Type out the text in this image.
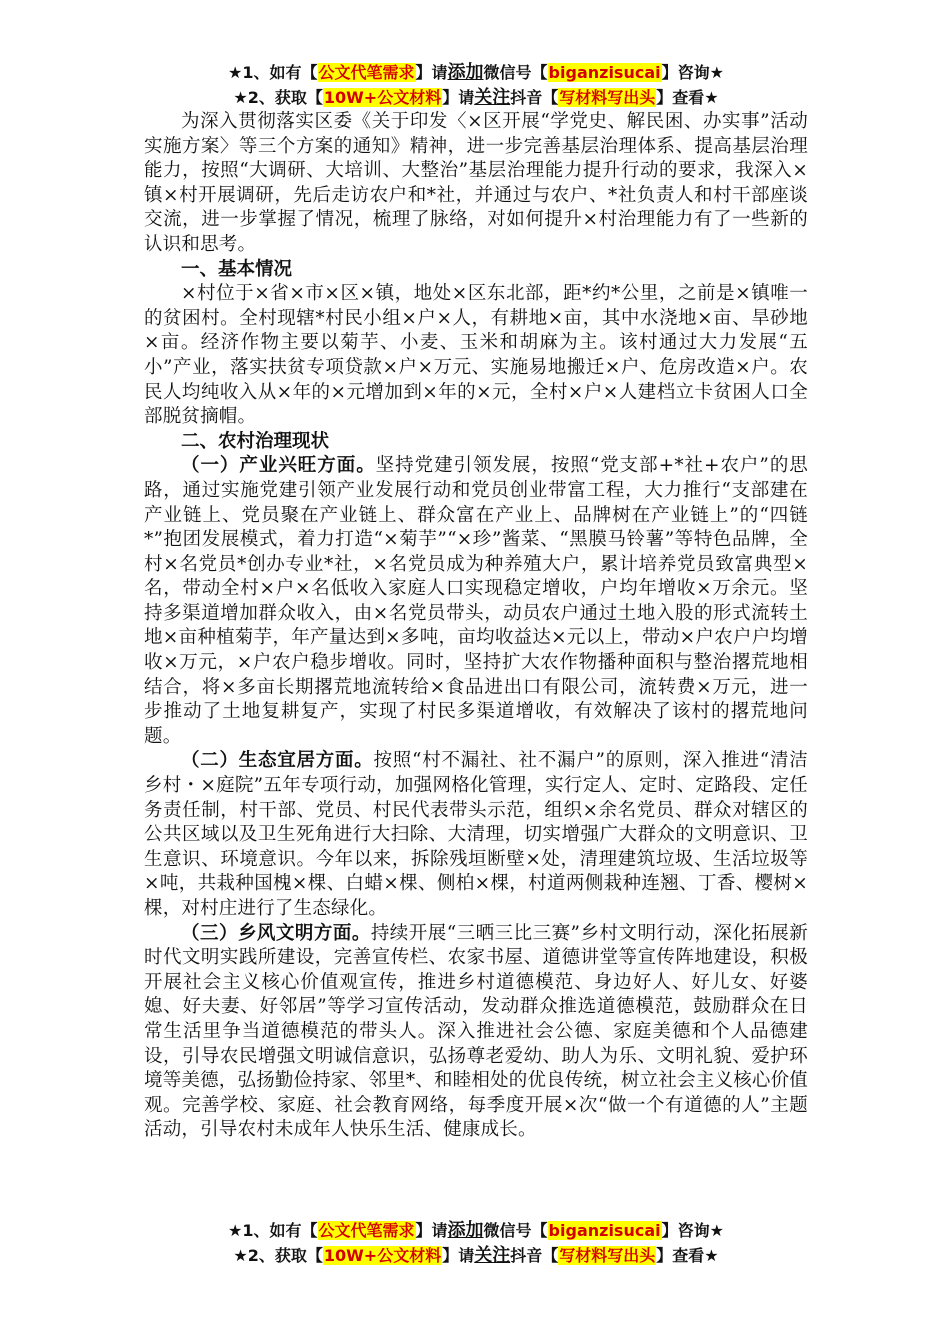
★1、如有【公文代笔需求】请添加微信号【biganzisucai】咨询★
★2、获取【10W+公文材料】请关注抖音【写材料写出头】查看★

为深入贯彻落实区委《关于印发〈×区开展“学党史、解民困、办实事”活动实施方案〉等三个方案的通知》精神，进一步完善基层治理体系、提高基层治理能力，按照“大调研、大培训、大整治”基层治理能力提升行动的要求，我深入×镇×村开展调研，先后走访农户和*社，并通过与农户、*社负责人和村干部座谈交流，进一步掌握了情况，梳理了脉络，对如何提升×村治理能力有了一些新的认识和思考。

一、基本情况

×村位于×省×市×区×镇，地处×区东北部，距*约*公里，之前是×镇唯一的贫困村。全村现辖*村民小组×户×人，有耕地×亩，其中水浇地×亩、旱砂地×亩。经济作物主要以菊芋、小麦、玉米和胡麻为主。该村通过大力发展“五小”产业，落实扶贫专项贷款×户×万元、实施易地搬迁×户、危房改造×户。农民人均纯收入从×年的×元增加到×年的×元，全村×户×人建档立卡贫困人口全部脱贫摘帽。

二、农村治理现状

（一）产业兴旺方面。坚持党建引领发展，按照“党支部+*社+农户”的思路，通过实施党建引领产业发展行动和党员创业带富工程，大力推行“支部建在产业链上、党员聚在产业链上、群众富在产业上、品牌树在产业链上”的“四链*”抱团发展模式，着力打造“×菊芋”“×珍”酱菜、“黑膜马铃薯”等特色品牌，全村×名党员*创办专业*社，×名党员成为种养殖大户，累计培养党员致富典型×名，带动全村×户×名低收入家庭人口实现稳定增收，户均年增收×万余元。坚持多渠道增加群众收入，由×名党员带头，动员农户通过土地入股的形式流转土地×亩种植菊芋，年产量达到×多吨，亩均收益达×元以上，带动×户农户户均增收×万元，×户农户稳步增收。同时，坚持扩大农作物播种面积与整治撂荒地相结合，将×多亩长期撂荒地流转给×食品进出口有限公司，流转费×万元，进一步推动了土地复耕复产，实现了村民多渠道增收，有效解决了该村的撂荒地问题。

（二）生态宜居方面。按照“村不漏社、社不漏户”的原则，深入推进“清洁乡村・×庭院”五年专项行动，加强网格化管理，实行定人、定时、定路段、定任务责任制，村干部、党员、村民代表带头示范，组织×余名党员、群众对辖区的公共区域以及卫生死角进行大扫除、大清理，切实增强广大群众的文明意识、卫生意识、环境意识。今年以来，拆除残垣断壁×处，清理建筑垃圾、生活垃圾等×吨，共栽种国槐×棵、白蜡×棵、侧柏×棵，村道两侧栽种连翘、丁香、樱树×棵，对村庄进行了生态绿化。

（三）乡风文明方面。持续开展“三晒三比三赛”乡村文明行动，深化拓展新时代文明实践所建设，完善宣传栏、农家书屋、道德讲堂等宣传阵地建设，积极开展社会主义核心价值观宣传，推进乡村道德模范、身边好人、好儿女、好婆媳、好夫妻、好邻居”等学习宣传活动，发动群众推选道德模范，鼓励群众在日常生活里争当道德模范的带头人。深入推进社会公德、家庭美德和个人品德建设，引导农民增强文明诚信意识，弘扬尊老爱幼、助人为乐、文明礼貌、爱护环境等美德，弘扬勤俭持家、邻里*、和睦相处的优良传统，树立社会主义核心价值观。完善学校、家庭、社会教育网络，每季度开展×次“做一个有道德的人”主题活动，引导农村未成年人快乐生活、健康成长。

★1、如有【公文代笔需求】请添加微信号【biganzisucai】咨询★
★2、获取【10W+公文材料】请关注抖音【写材料写出头】查看★
